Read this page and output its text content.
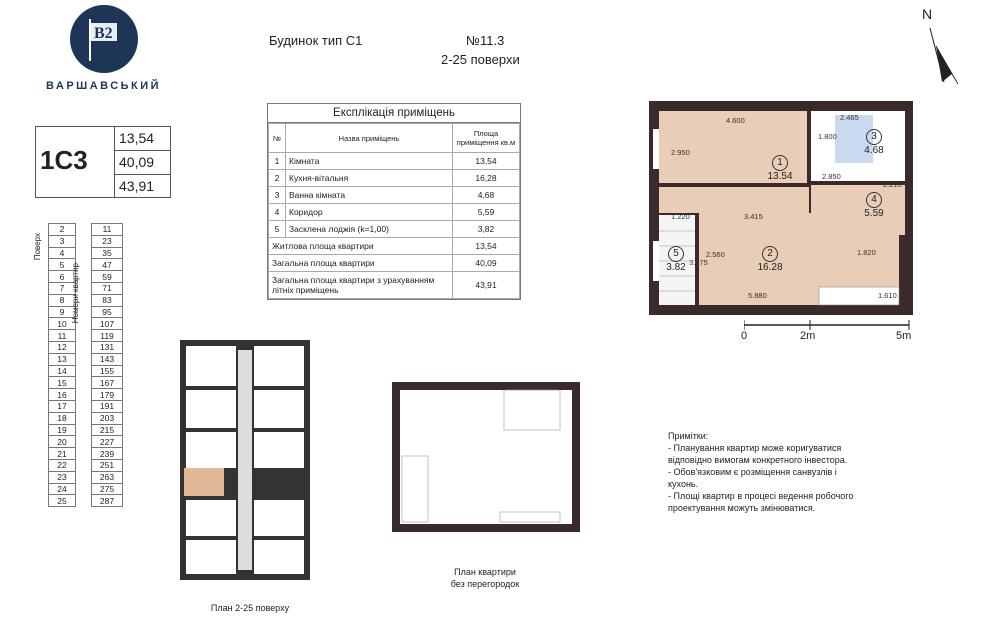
B2
ВАРШАВСЬКИЙ
Будинок тип С1	№11.3
2-25 поверхи
N
1С3
13,54
40,09
43,91
Експлікація приміщень
№	Назва приміщень	Площа приміщення кв.м
1	Кімната	13,54
2	Кухня-вітальня	16,28
3	Ванна кімната	4,68
4	Коридор	5,59
5	Засклена лоджія (k=1,00)	3,82
Житлова площа квартири		13,54
Загальна площа квартири		40,09
Загальна площа квартири з урахуванням літніх приміщень		43,91
Поверх
Номери квартир
2		11
3		23
4		35
5		47
6		59
7		71
8		83
9		95
10		107
11		119
12		131
13		143
14		155
15		167
16		179
17		191
18		203
19		215
20		227
21		239
22		251
23		263
24		275
25		287
1
13.54
2
16.28
3
4.68
4
5.59
5
3.82
4.600
2.950
2.465
1.800
2.850
2.210
1.220	3.415
2.560
3.075
1.820
5.880	1.610
0	2m	5m
План 2-25 поверху
План квартири
без перегородок
Примітки:
- Планування квартир може коригуватися відповідно вимогам конкретного інвестора.
- Обов'язковим є розміщення санвузлів і кухонь.
- Площі квартир в процесі ведення робочого проектування можуть змінюватися.
